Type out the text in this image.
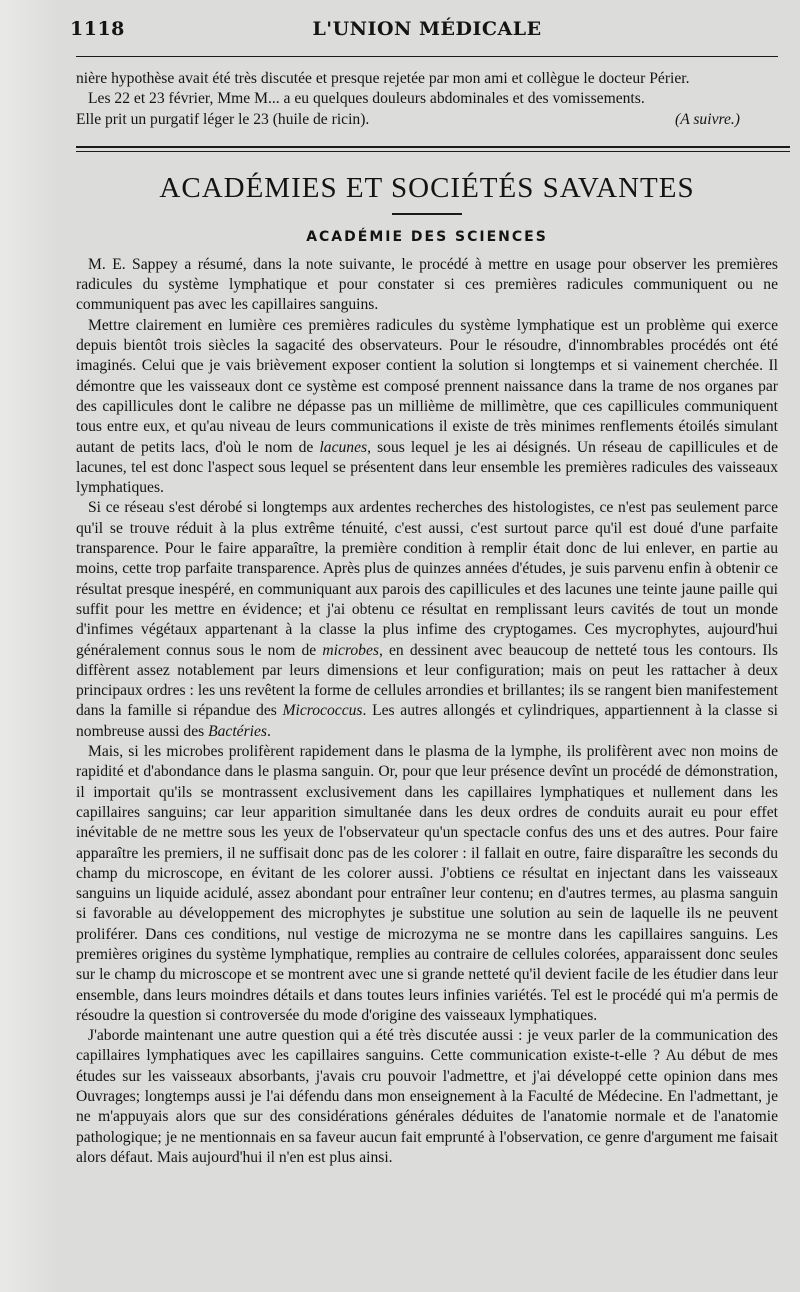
1118	L'UNION MÉDICALE

nière hypothèse avait été très discutée et presque rejetée par mon ami et collègue le docteur Périer.

Les 22 et 23 février, Mme M... a eu quelques douleurs abdominales et des vomissements.

Elle prit un purgatif léger le 23 (huile de ricin).	(A suivre.)
ACADÉMIES ET SOCIÉTÉS SAVANTES
ACADÉMIE DES SCIENCES

M. E. Sappey a résumé, dans la note suivante, le procédé à mettre en usage pour observer les premières radicules du système lymphatique et pour constater si ces premières radicules communiquent ou ne communiquent pas avec les capillaires sanguins.

Mettre clairement en lumière ces premières radicules du système lymphatique est un problème qui exerce depuis bientôt trois siècles la sagacité des observateurs. Pour le résoudre, d'innombrables procédés ont été imaginés. Celui que je vais brièvement exposer contient la solution si longtemps et si vainement cherchée. Il démontre que les vaisseaux dont ce système est composé prennent naissance dans la trame de nos organes par des capillicules dont le calibre ne dépasse pas un millième de millimètre, que ces capillicules communiquent tous entre eux, et qu'au niveau de leurs communications il existe de très minimes renflements étoilés simulant autant de petits lacs, d'où le nom de lacunes, sous lequel je les ai désignés. Un réseau de capillicules et de lacunes, tel est donc l'aspect sous lequel se présentent dans leur ensemble les premières radicules des vaisseaux lymphatiques.

Si ce réseau s'est dérobé si longtemps aux ardentes recherches des histologistes, ce n'est pas seulement parce qu'il se trouve réduit à la plus extrême ténuité, c'est aussi, c'est surtout parce qu'il est doué d'une parfaite transparence. Pour le faire apparaître, la première condition à remplir était donc de lui enlever, en partie au moins, cette trop parfaite transparence. Après plus de quinzes années d'études, je suis parvenu enfin à obtenir ce résultat presque inespéré, en communiquant aux parois des capillicules et des lacunes une teinte jaune paille qui suffit pour les mettre en évidence; et j'ai obtenu ce résultat en remplissant leurs cavités de tout un monde d'infimes végétaux appartenant à la classe la plus infime des cryptogames. Ces mycrophytes, aujourd'hui généralement connus sous le nom de microbes, en dessinent avec beaucoup de netteté tous les contours. Ils diffèrent assez notablement par leurs dimensions et leur configuration; mais on peut les rattacher à deux principaux ordres : les uns revêtent la forme de cellules arrondies et brillantes; ils se rangent bien manifestement dans la famille si répandue des Micrococcus. Les autres allongés et cylindriques, appartiennent à la classe si nombreuse aussi des Bactéries.

Mais, si les microbes prolifèrent rapidement dans le plasma de la lymphe, ils prolifèrent avec non moins de rapidité et d'abondance dans le plasma sanguin. Or, pour que leur présence devînt un procédé de démonstration, il importait qu'ils se montrassent exclusivement dans les capillaires lymphatiques et nullement dans les capillaires sanguins; car leur apparition simultanée dans les deux ordres de conduits aurait eu pour effet inévitable de ne mettre sous les yeux de l'observateur qu'un spectacle confus des uns et des autres. Pour faire apparaître les premiers, il ne suffisait donc pas de les colorer : il fallait en outre, faire disparaître les seconds du champ du microscope, en évitant de les colorer aussi. J'obtiens ce résultat en injectant dans les vaisseaux sanguins un liquide acidulé, assez abondant pour entraîner leur contenu; en d'autres termes, au plasma sanguin si favorable au développement des microphytes je substitue une solution au sein de laquelle ils ne peuvent proliférer. Dans ces conditions, nul vestige de microzyma ne se montre dans les capillaires sanguins. Les premières origines du système lymphatique, remplies au contraire de cellules colorées, apparaissent donc seules sur le champ du microscope et se montrent avec une si grande netteté qu'il devient facile de les étudier dans leur ensemble, dans leurs moindres détails et dans toutes leurs infinies variétés. Tel est le procédé qui m'a permis de résoudre la question si controversée du mode d'origine des vaisseaux lymphatiques.

J'aborde maintenant une autre question qui a été très discutée aussi : je veux parler de la communication des capillaires lymphatiques avec les capillaires sanguins. Cette communication existe-t-elle ? Au début de mes études sur les vaisseaux absorbants, j'avais cru pouvoir l'admettre, et j'ai développé cette opinion dans mes Ouvrages; longtemps aussi je l'ai défendu dans mon enseignement à la Faculté de Médecine. En l'admettant, je ne m'appuyais alors que sur des considérations générales déduites de l'anatomie normale et de l'anatomie pathologique; je ne mentionnais en sa faveur aucun fait emprunté à l'observation, ce genre d'argument me faisait alors défaut. Mais aujourd'hui il n'en est plus ainsi.
